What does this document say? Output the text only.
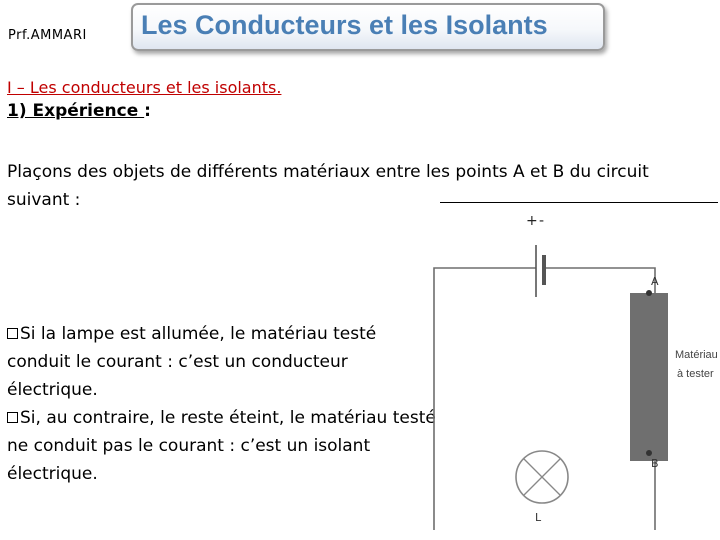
Prf.AMMARI Les Conducteurs et les Isolants
I – Les conducteurs et les isolants.
1) Expérience :
Plaçons des objets de différents matériaux entre les points A et B du circuit suivant :
Si la lampe est allumée, le matériau testé conduit le courant : c’est un conducteur électrique.
Si, au contraire, le reste éteint, le matériau testé ne conduit pas le courant : c’est un isolant électrique.
+ -
A
B
Matériau
à tester
L
